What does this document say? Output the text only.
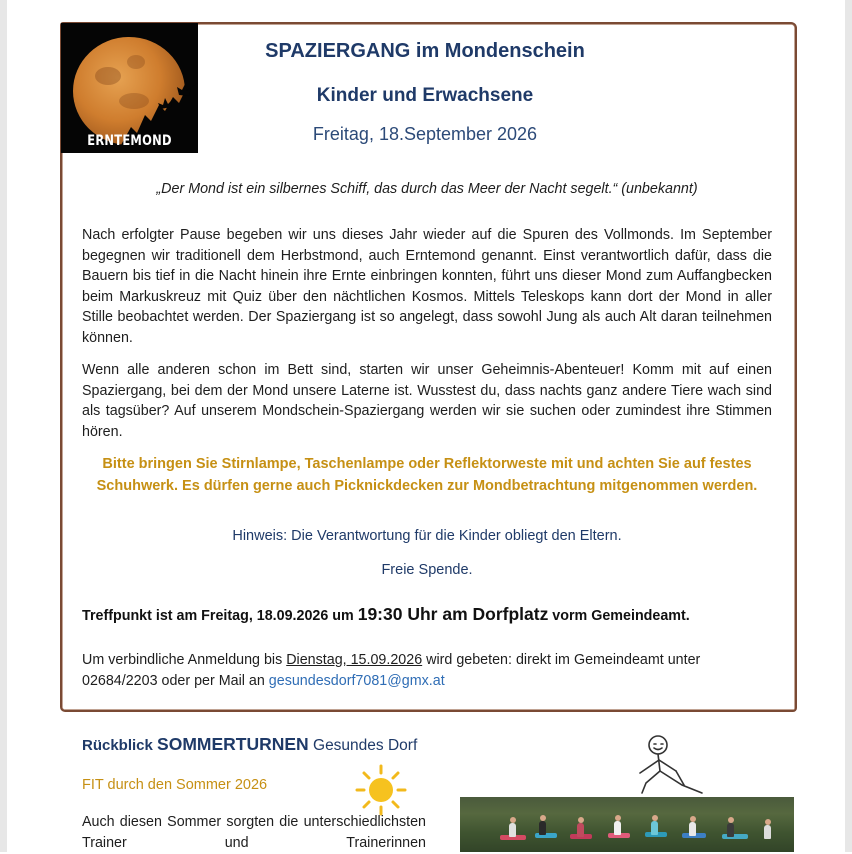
ERNTEMOND
SPAZIERGANG im Mondenschein
Kinder und Erwachsene
Freitag, 18.September 2026
„Der Mond ist ein silbernes Schiff, das durch das Meer der Nacht segelt.“ (unbekannt)
Nach erfolgter Pause begeben wir uns dieses Jahr wieder auf die Spuren des Vollmonds. Im September begegnen wir traditionell dem Herbstmond, auch Erntemond genannt. Einst verantwortlich dafür, dass die Bauern bis tief in die Nacht hinein ihre Ernte einbringen konnten, führt uns dieser Mond zum Auffangbecken beim Markuskreuz mit Quiz über den nächtlichen Kosmos. Mittels Teleskops kann dort der Mond in aller Stille beobachtet werden. Der Spaziergang ist so angelegt, dass sowohl Jung als auch Alt daran teilnehmen können.
Wenn alle anderen schon im Bett sind, starten wir unser Geheimnis-Abenteuer! Komm mit auf einen Spaziergang, bei dem der Mond unsere Laterne ist. Wusstest du, dass nachts ganz andere Tiere wach sind als tagsüber? Auf unserem Mondschein-Spaziergang werden wir sie suchen oder zumindest ihre Stimmen hören.
Bitte bringen Sie Stirnlampe, Taschenlampe oder Reflektorweste mit und achten Sie auf festes Schuhwerk. Es dürfen gerne auch Picknickdecken zur Mondbetrachtung mitgenommen werden.
Hinweis: Die Verantwortung für die Kinder obliegt den Eltern.
Freie Spende.
Treffpunkt ist am Freitag, 18.09.2026 um 19:30 Uhr am Dorfplatz vorm Gemeindeamt.
Um verbindliche Anmeldung bis Dienstag, 15.09.2026 wird gebeten: direkt im Gemeindeamt unter 02684/2203 oder per Mail an gesundesdorf7081@gmx.at
Rückblick SOMMERTURNEN Gesundes Dorf
FIT durch den Sommer 2026
Auch diesen Sommer sorgten die unterschiedlichsten Trainer und Trainerinnen
